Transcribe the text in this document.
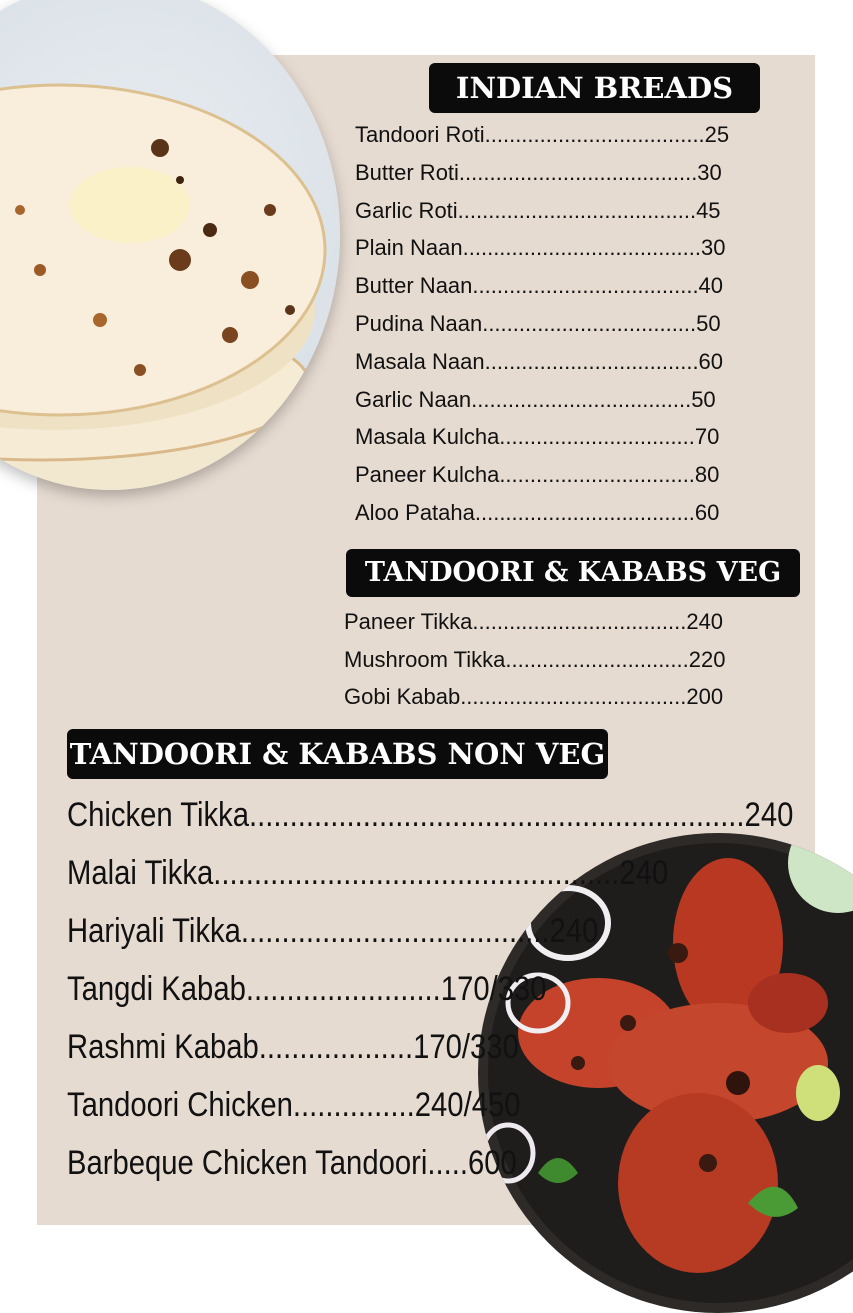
INDIAN BREADS
Tandoori Roti....................................25
Butter Roti.......................................30
Garlic Roti.......................................45
Plain Naan.......................................30
Butter Naan.....................................40
Pudina Naan...................................50
Masala Naan...................................60
Garlic Naan....................................50
Masala Kulcha................................70
Paneer Kulcha................................80
Aloo Pataha....................................60
TANDOORI & KABABS VEG
Paneer Tikka...................................240
Mushroom Tikka..............................220
Gobi Kabab.....................................200
TANDOORI & KABABS NON VEG
Chicken Tikka.............................................................240
Malai Tikka..................................................240
Hariyali Tikka......................................240
Tangdi Kabab........................170/330
Rashmi Kabab...................170/330
Tandoori Chicken...............240/450
Barbeque Chicken Tandoori.....600
